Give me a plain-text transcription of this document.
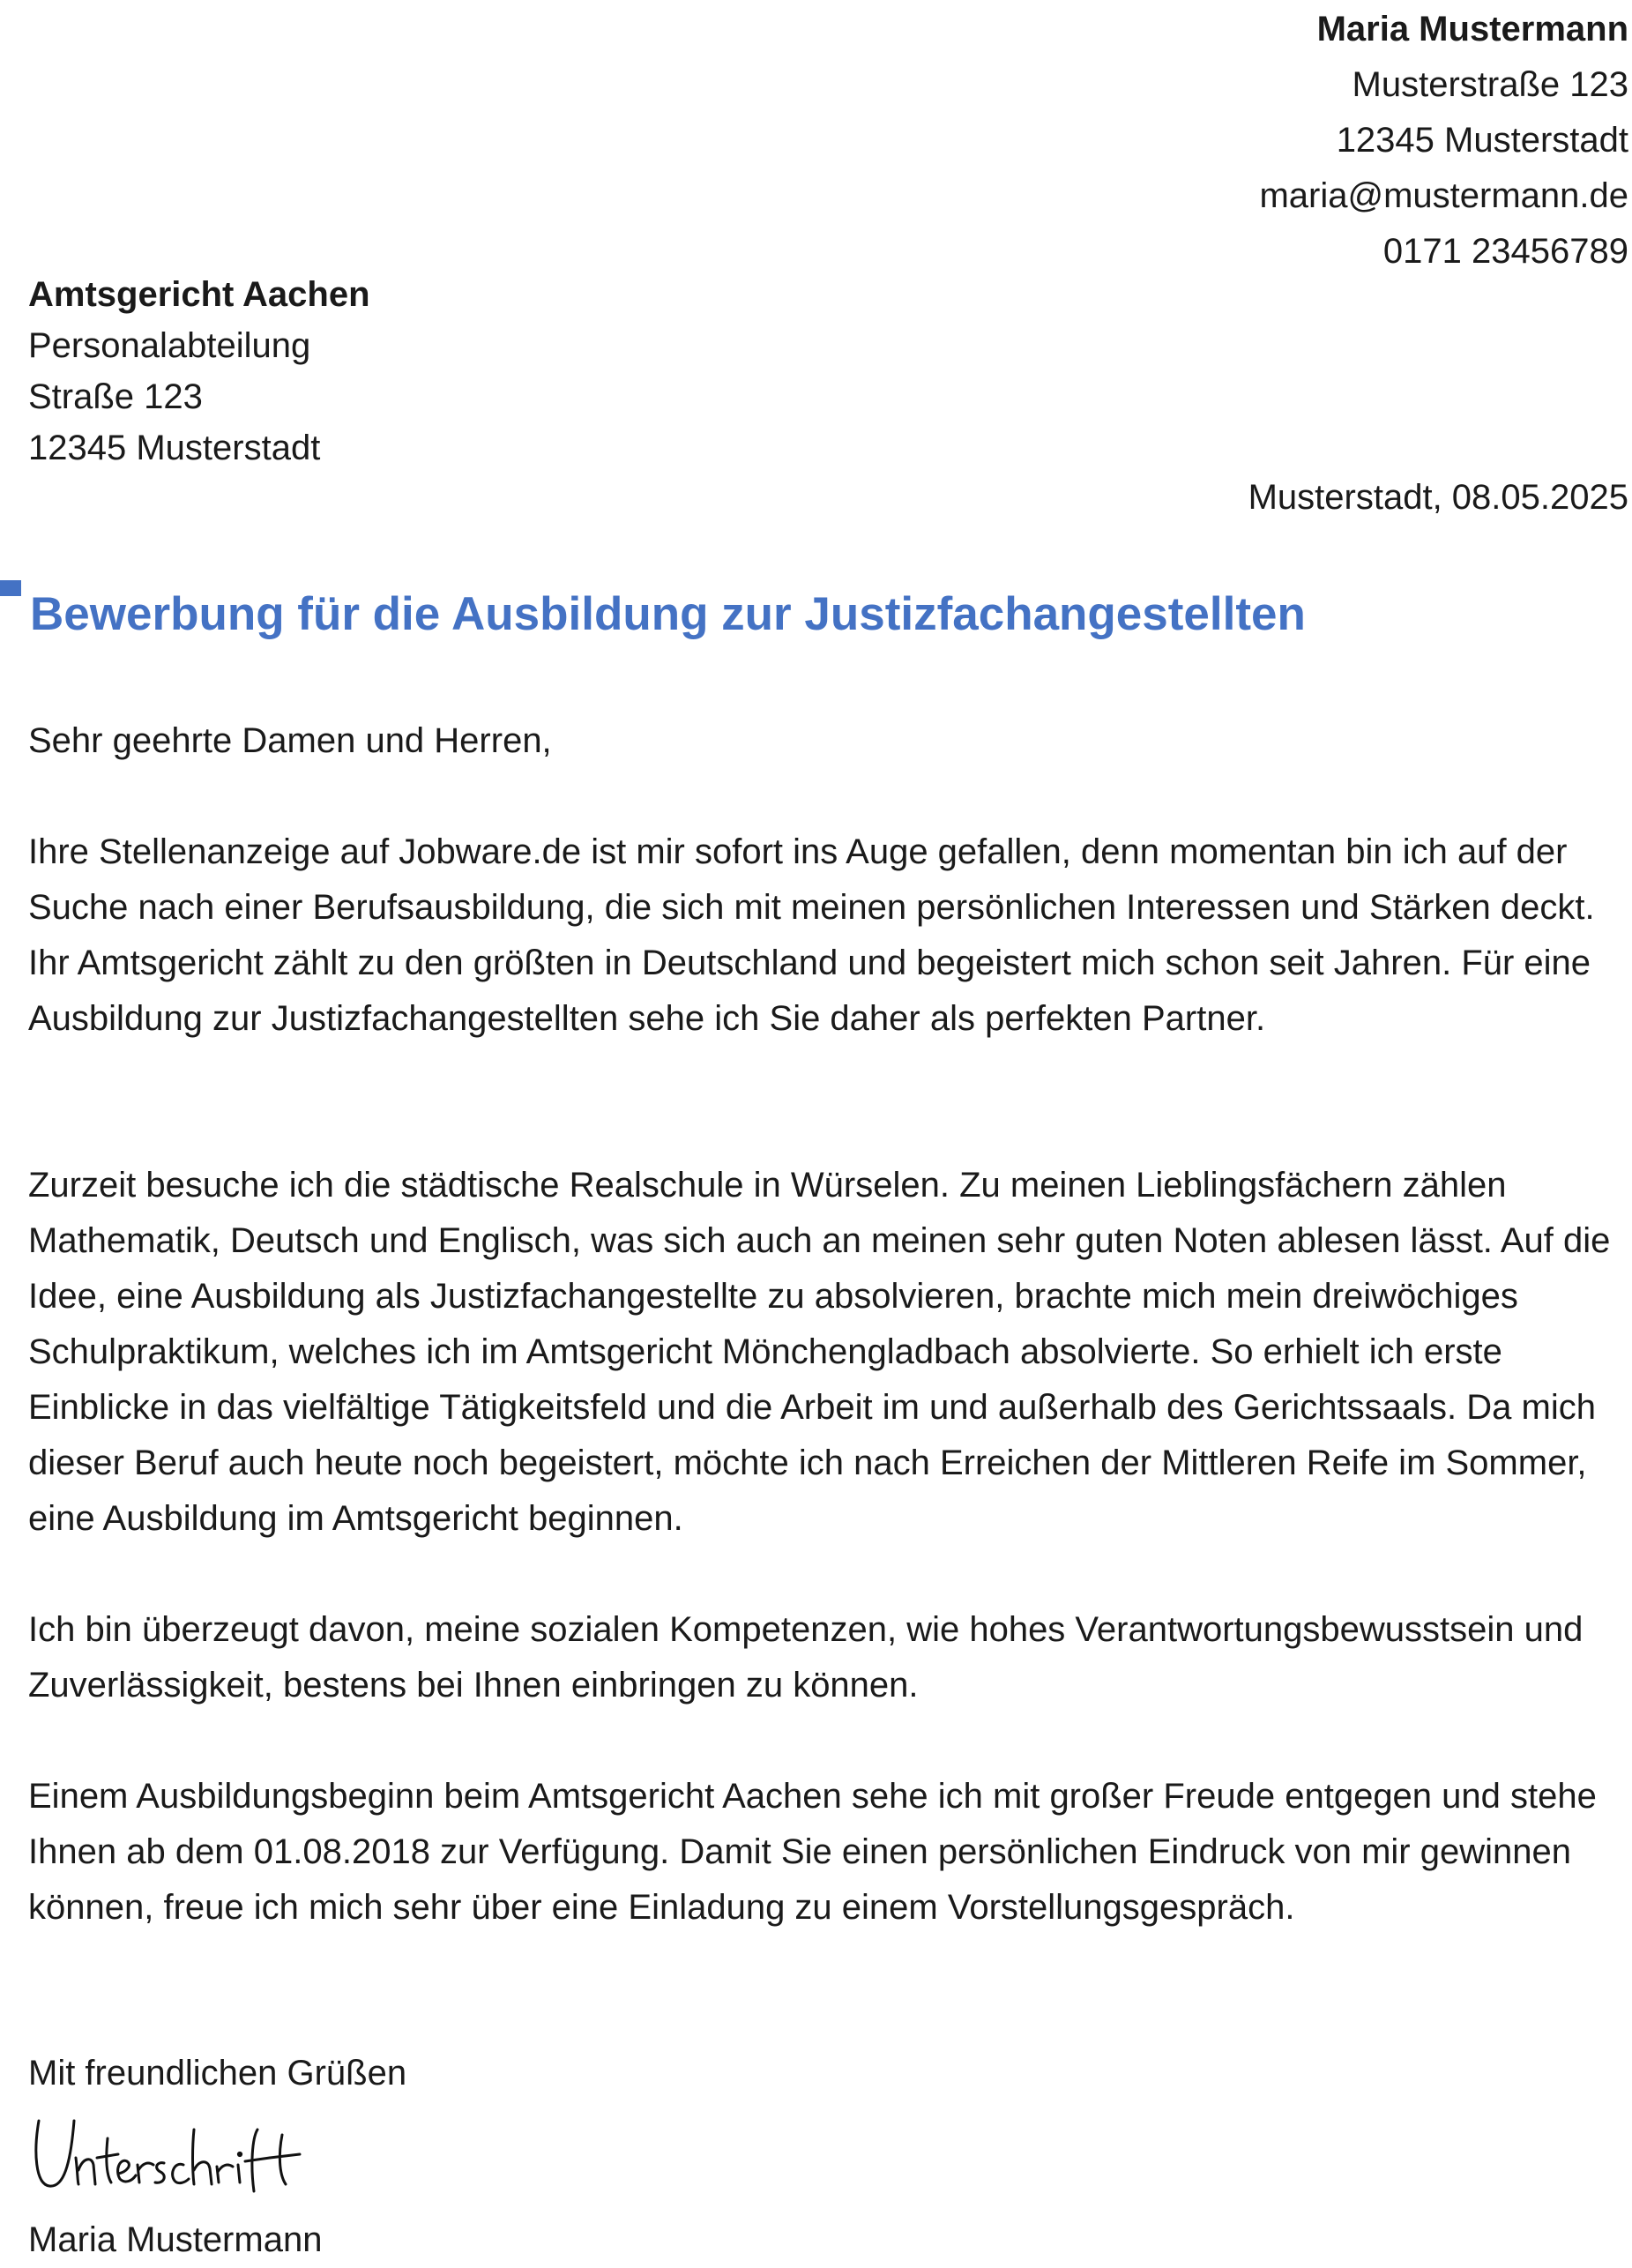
Maria Mustermann
Musterstraße 123
12345 Musterstadt
maria@mustermann.de
0171 23456789
Amtsgericht Aachen
Personalabteilung
Straße 123
12345 Musterstadt
Musterstadt, 08.05.2025
Bewerbung für die Ausbildung zur Justizfachangestellten
Sehr geehrte Damen und Herren,

Ihre Stellenanzeige auf Jobware.de ist mir sofort ins Auge gefallen, denn momentan bin ich auf der Suche nach einer Berufsausbildung, die sich mit meinen persönlichen Interessen und Stärken deckt. Ihr Amtsgericht zählt zu den größten in Deutschland und begeistert mich schon seit Jahren. Für eine Ausbildung zur Justizfachangestellten sehe ich Sie daher als perfekten Partner.

Zurzeit besuche ich die städtische Realschule in Würselen. Zu meinen Lieblingsfächern zählen Mathematik, Deutsch und Englisch, was sich auch an meinen sehr guten Noten ablesen lässt. Auf die Idee, eine Ausbildung als Justizfachangestellte zu absolvieren, brachte mich mein dreiwöchiges Schulpraktikum, welches ich im Amtsgericht Mönchengladbach absolvierte. So erhielt ich erste Einblicke in das vielfältige Tätigkeitsfeld und die Arbeit im und außerhalb des Gerichtssaals. Da mich dieser Beruf auch heute noch begeistert, möchte ich nach Erreichen der Mittleren Reife im Sommer, eine Ausbildung im Amtsgericht beginnen.

Ich bin überzeugt davon, meine sozialen Kompetenzen, wie hohes Verantwortungsbewusstsein und Zuverlässigkeit, bestens bei Ihnen einbringen zu können.

Einem Ausbildungsbeginn beim Amtsgericht Aachen sehe ich mit großer Freude entgegen und stehe Ihnen ab dem 01.08.2018 zur Verfügung. Damit Sie einen persönlichen Eindruck von mir gewinnen können, freue ich mich sehr über eine Einladung zu einem Vorstellungsgespräch.

Mit freundlichen Grüßen
Maria Mustermann
